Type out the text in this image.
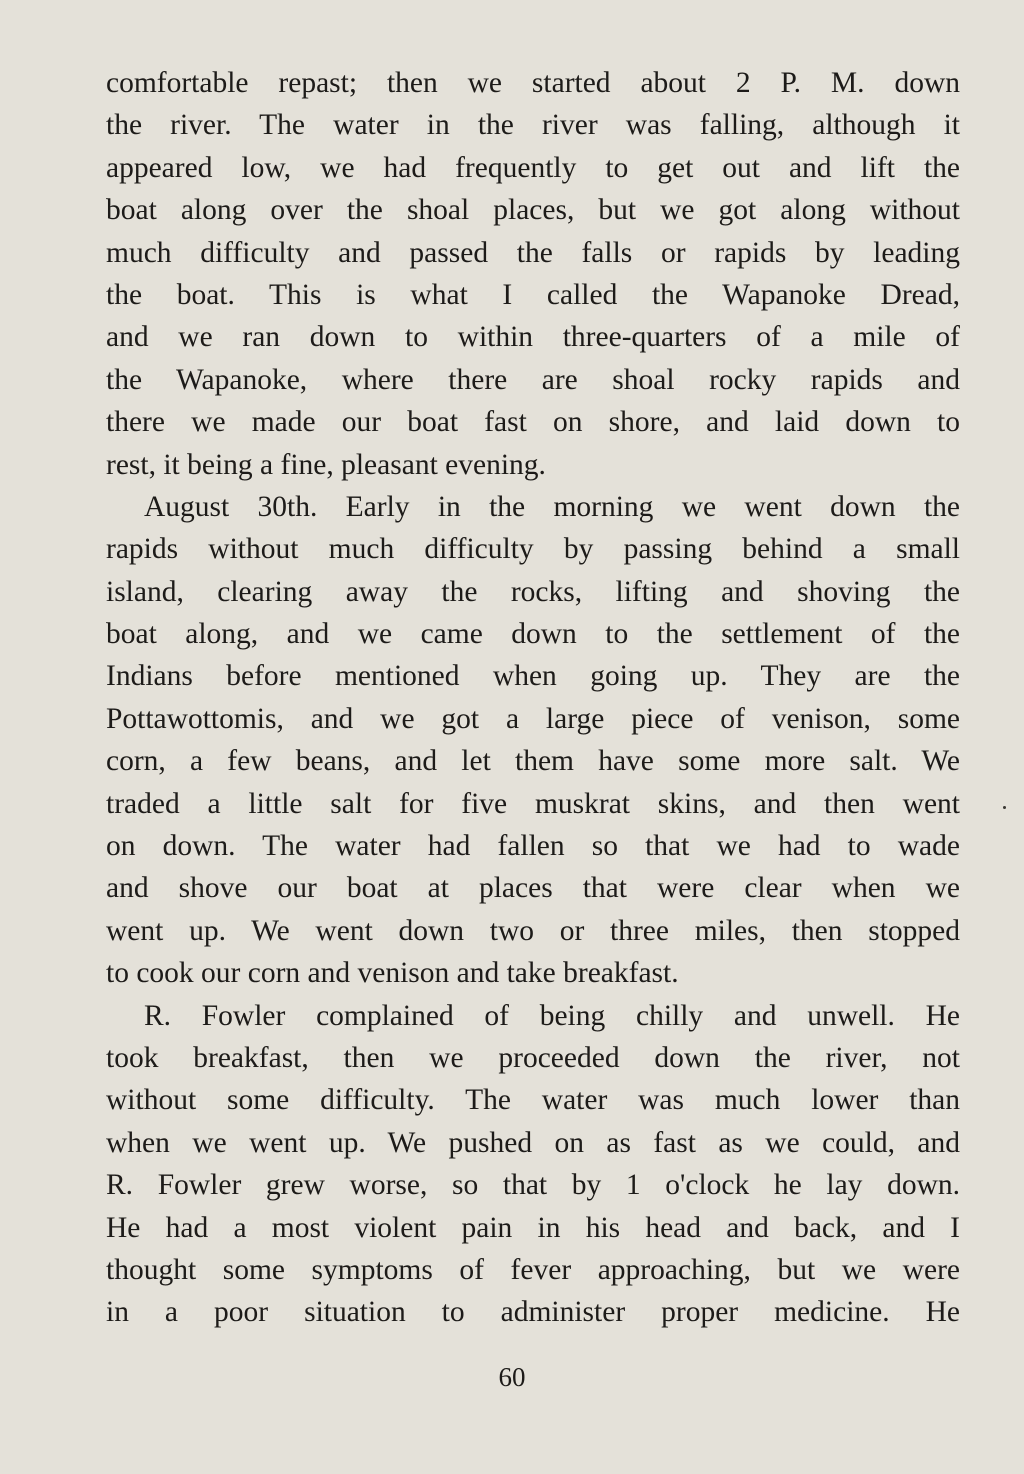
comfortable repast; then we started about 2 P. M. down
the river. The water in the river was falling, although it
appeared low, we had frequently to get out and lift the
boat along over the shoal places, but we got along without
much difficulty and passed the falls or rapids by leading
the boat. This is what I called the Wapanoke Dread,
and we ran down to within three-quarters of a mile of
the Wapanoke, where there are shoal rocky rapids and
there we made our boat fast on shore, and laid down to
rest, it being a fine, pleasant evening.
August 30th. Early in the morning we went down the
rapids without much difficulty by passing behind a small
island, clearing away the rocks, lifting and shoving the
boat along, and we came down to the settlement of the
Indians before mentioned when going up. They are the
Pottawottomis, and we got a large piece of venison, some
corn, a few beans, and let them have some more salt. We
traded a little salt for five muskrat skins, and then went
on down. The water had fallen so that we had to wade
and shove our boat at places that were clear when we
went up. We went down two or three miles, then stopped
to cook our corn and venison and take breakfast.
R. Fowler complained of being chilly and unwell. He
took breakfast, then we proceeded down the river, not
without some difficulty. The water was much lower than
when we went up. We pushed on as fast as we could, and
R. Fowler grew worse, so that by 1 o'clock he lay down.
He had a most violent pain in his head and back, and I
thought some symptoms of fever approaching, but we were
in a poor situation to administer proper medicine. He
60
